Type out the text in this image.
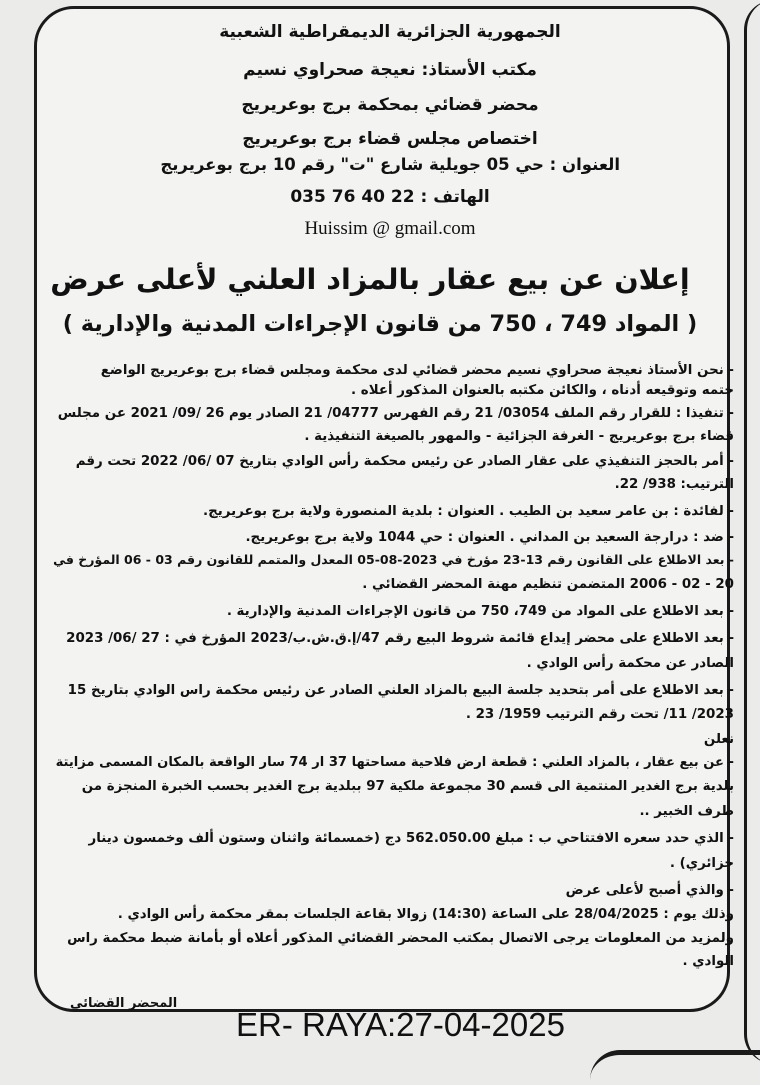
الجمهورية الجزائرية الديمقراطية الشعبية
مكتب الأستاذ: نعيجة صحراوي نسيم
محضر قضائي بمحكمة برج بوعريريج
اختصاص مجلس قضاء برج بوعريريج
العنوان : حي 05 جويلية شارع "ت" رقم 10 برج بوعريريج
الهاتف : 22 40 76 035
Huissim @ gmail.com
إعلان عن بيع عقار بالمزاد العلني لأعلى عرض
( المواد 749 ، 750 من قانون الإجراءات المدنية والإدارية )
- نحن الأستاذ نعيجة صحراوي نسيم محضر قضائي لدى محكمة ومجلس قضاء برج بوعريريج الواضع
ختمه وتوقيعه أدناه ، والكائن مكتبه بالعنوان المذكور أعلاه .
- تنفيذا : للقرار رقم الملف 03054/ 21 رقم الفهرس 04777/ 21 الصادر يوم 26 /09/ 2021 عن مجلس
قضاء برج بوعريريج - الغرفة الجزائية - والمهور بالصيغة التنفيذية .
- أمر بالحجز التنفيذي على عقار الصادر عن رئيس محكمة رأس الوادي بتاريخ 07 /06/ 2022 تحت رقم
الترتيب: 938/ 22.
- لفائدة : بن عامر سعيد بن الطيب . العنوان : بلدية المنصورة ولاية برج بوعريريج.
- ضد : درارجة السعيد بن المداني . العنوان : حي 1044 ولاية برج بوعريريج.
- بعد الاطلاع على القانون رقم 13-23 مؤرخ في 2023-08-05 المعدل والمتمم للقانون رقم 03 - 06 المؤرخ في
20 - 02 - 2006 المتضمن تنظيم مهنة المحضر القضائي .
- بعد الاطلاع على المواد من 749، 750 من قانون الإجراءات المدنية والإدارية .
- بعد الاطلاع على محضر إيداع قائمة شروط البيع رقم 47/إ.ق.ش.ب/2023 المؤرخ في : 27 /06/ 2023
الصادر عن محكمة رأس الوادي .
- بعد الاطلاع على أمر بتحديد جلسة البيع بالمزاد العلني الصادر عن رئيس محكمة راس الوادي بتاريخ 15
2023/ 11/ تحت رقم الترتيب 1959/ 23 .
نعلن
- عن بيع عقار ، بالمزاد العلني : قطعة ارض فلاحية مساحتها 37 ار 74 سار الواقعة بالمكان المسمى مزايتة
بلدية برج الغدير المنتمية الى قسم 30 مجموعة ملكية 97 ببلدية برج الغدير بحسب الخبرة المنجزة من
طرف الخبير ..
- الذي حدد سعره الافتتاحي ب : مبلغ 562.050.00 دج (خمسمائة واثنان وستون ألف وخمسون دينار
جزائري) .
- والذي أصبح لأعلى عرض
وذلك يوم : 28/04/2025 على الساعة (14:30) زوالا بقاعة الجلسات بمقر محكمة رأس الوادي .
ولمزيد من المعلومات يرجى الاتصال بمكتب المحضر القضائي المذكور أعلاه أو بأمانة ضبط محكمة راس
الوادي .
المحضر القضائي
ER- RAYA:27-04-2025
